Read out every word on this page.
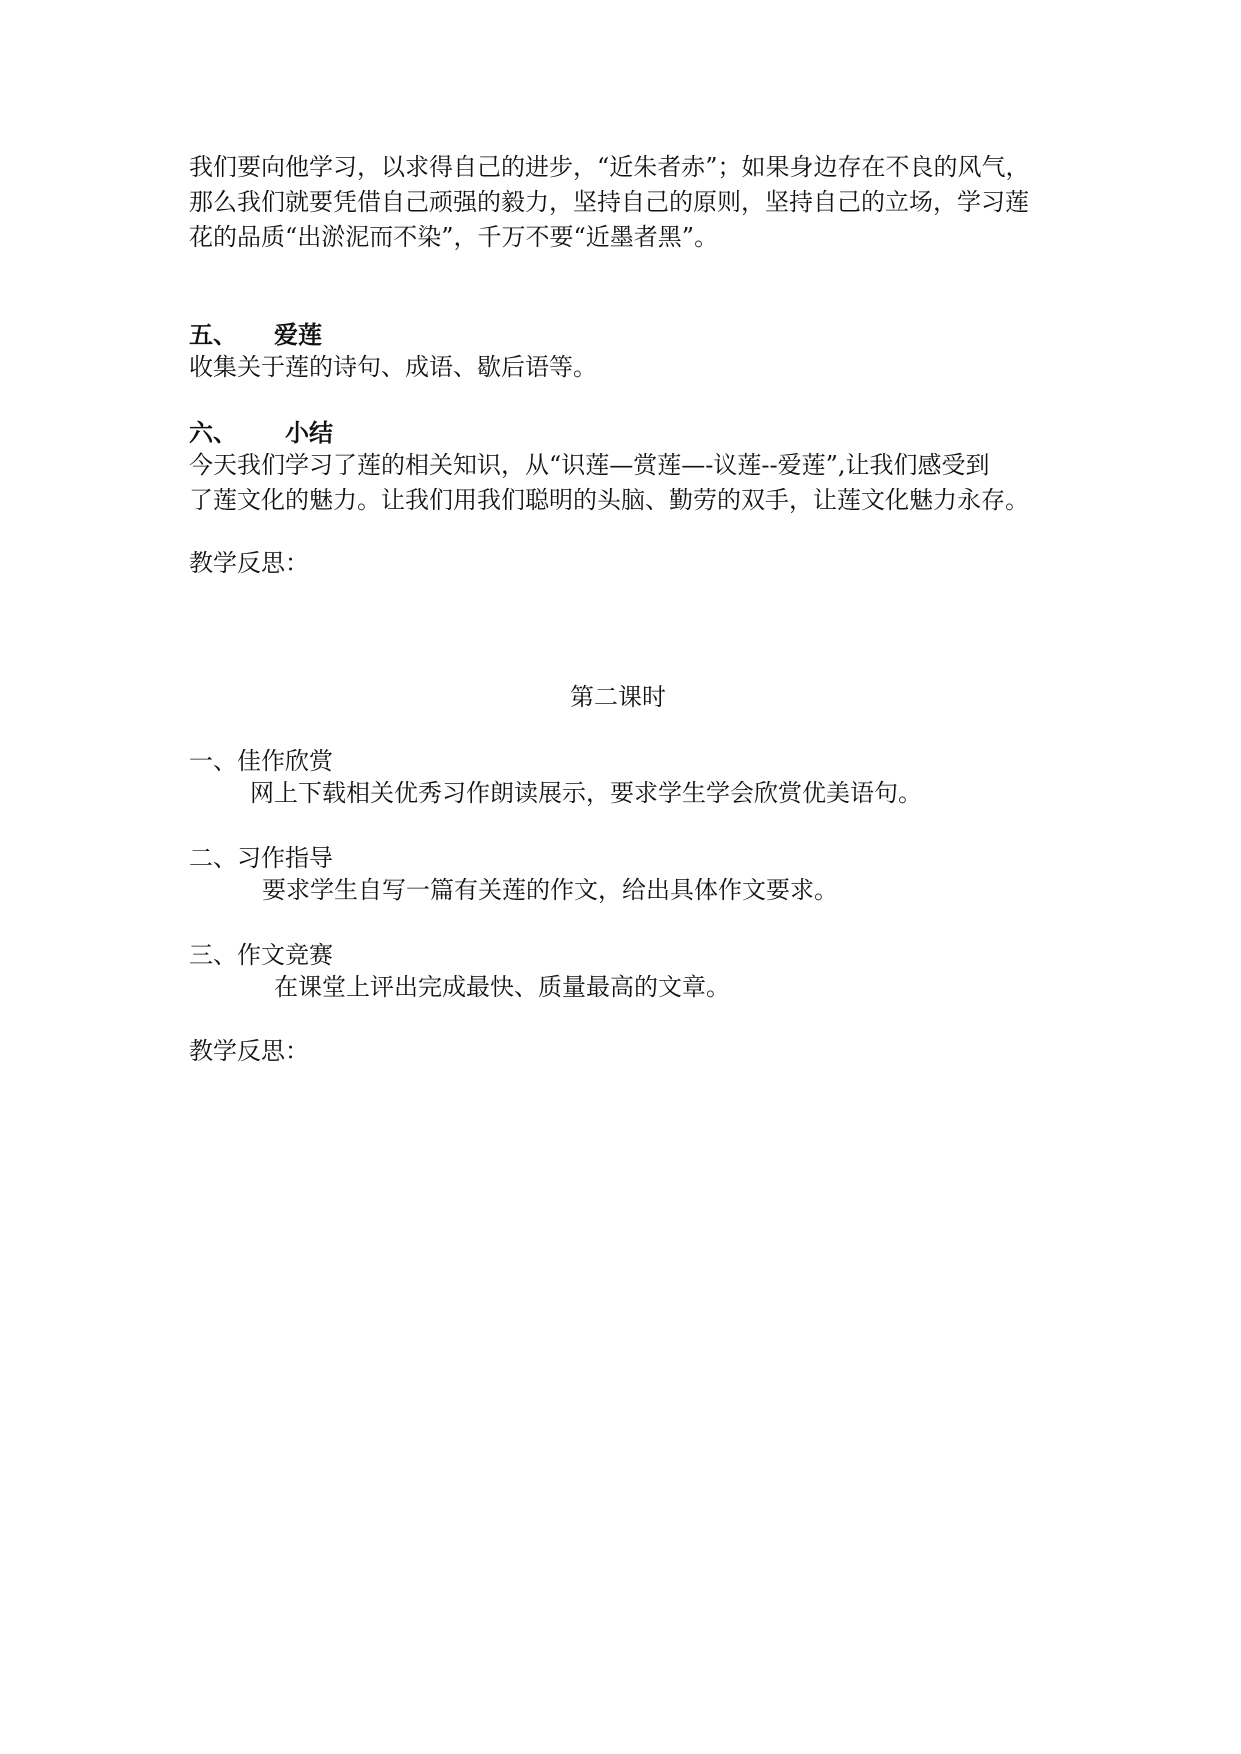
我们要向他学习，以求得自己的进步，“近朱者赤”；如果身边存在不良的风气，
那么我们就要凭借自己顽强的毅力，坚持自己的原则，坚持自己的立场，学习莲
花的品质“出淤泥而不染”，千万不要“近墨者黑”。
五、 爱莲
收集关于莲的诗句、成语、歇后语等。
六、 小结
今天我们学习了莲的相关知识，从“识莲—赏莲—-议莲--爱莲”,让我们感受到
了莲文化的魅力。让我们用我们聪明的头脑、勤劳的双手，让莲文化魅力永存。
教学反思：
第二课时
一、佳作欣赏
网上下载相关优秀习作朗读展示，要求学生学会欣赏优美语句。
二、习作指导
要求学生自写一篇有关莲的作文，给出具体作文要求。
三、作文竞赛
在课堂上评出完成最快、质量最高的文章。
教学反思：
